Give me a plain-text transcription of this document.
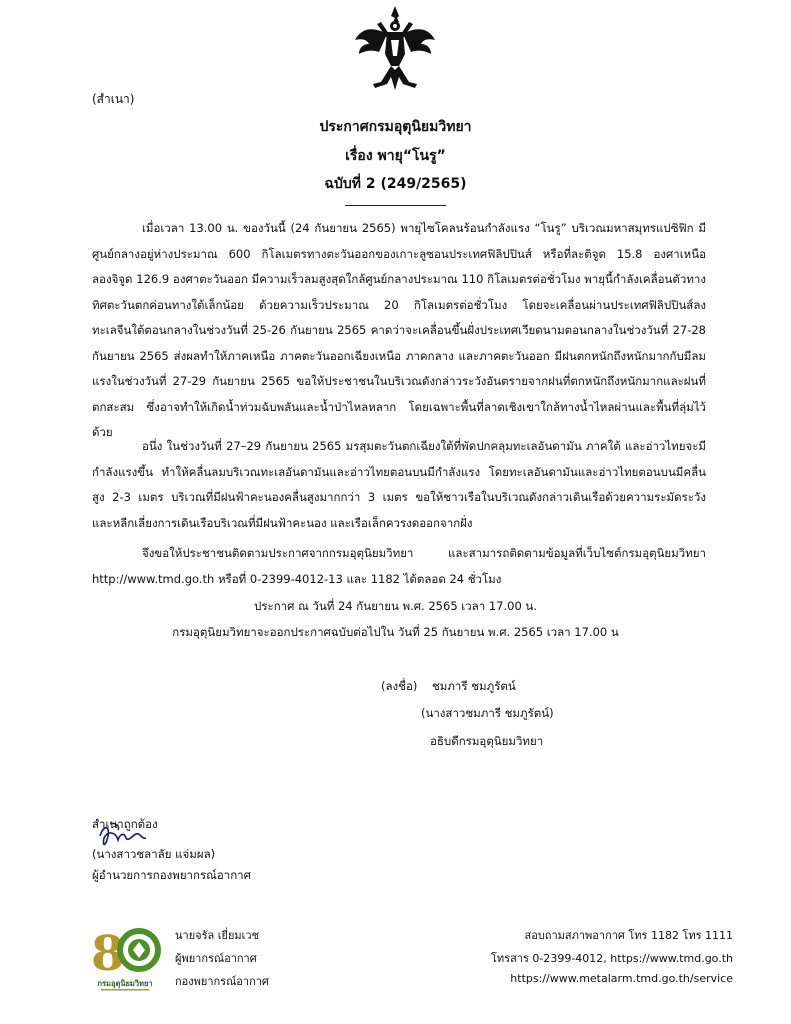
(สำเนา)
ประกาศกรมอุตุนิยมวิทยา
เรื่อง พายุ“โนรู”
ฉบับที่ 2 (249/2565)

เมื่อเวลา 13.00 น. ของวันนี้ (24 กันยายน 2565) พายุไซโคลนร้อนกำลังแรง “โนรู” บริเวณมหาสมุทรแปซิฟิก มีศูนย์กลางอยู่ห่างประมาณ 600 กิโลเมตรทางตะวันออกของเกาะลูซอนประเทศฟิลิปปินส์ หรือที่ละติจูด 15.8 องศาเหนือ ลองจิจูด 126.9 องศาตะวันออก มีความเร็วลมสูงสุดใกล้ศูนย์กลางประมาณ 110 กิโลเมตรต่อชั่วโมง พายุนี้กำลังเคลื่อนตัวทางทิศตะวันตกค่อนทางใต้เล็กน้อย ด้วยความเร็วประมาณ 20 กิโลเมตรต่อชั่วโมง โดยจะเคลื่อนผ่านประเทศฟิลิปปินส์ลงทะเลจีนใต้ตอนกลางในช่วงวันที่ 25-26 กันยายน 2565 คาดว่าจะเคลื่อนขึ้นฝั่งประเทศเวียดนามตอนกลางในช่วงวันที่ 27-28 กันยายน 2565 ส่งผลทำให้ภาคเหนือ ภาคตะวันออกเฉียงเหนือ ภาคกลาง และภาคตะวันออก มีฝนตกหนักถึงหนักมากกับมีลมแรงในช่วงวันที่ 27-29 กันยายน 2565 ขอให้ประชาชนในบริเวณดังกล่าวระวังอันตรายจากฝนที่ตกหนักถึงหนักมากและฝนที่ตกสะสม ซึ่งอาจทำให้เกิดน้ำท่วมฉับพลันและน้ำป่าไหลหลาก โดยเฉพาะพื้นที่ลาดเชิงเขาใกล้ทางน้ำไหลผ่านและพื้นที่ลุ่มไว้ด้วย

อนึ่ง ในช่วงวันที่ 27–29 กันยายน 2565 มรสุมตะวันตกเฉียงใต้ที่พัดปกคลุมทะเลอันดามัน ภาคใต้ และอ่าวไทยจะมีกำลังแรงขึ้น ทำให้คลื่นลมบริเวณทะเลอันดามันและอ่าวไทยตอนบนมีกำลังแรง โดยทะเลอันดามันและอ่าวไทยตอนบนมีคลื่นสูง 2-3 เมตร บริเวณที่มีฝนฟ้าคะนองคลื่นสูงมากกว่า 3 เมตร ขอให้ชาวเรือในบริเวณดังกล่าวเดินเรือด้วยความระมัดระวัง และหลีกเลี่ยงการเดินเรือบริเวณที่มีฝนฟ้าคะนอง และเรือเล็กควรงดออกจากฝั่ง

จึงขอให้ประชาชนติดตามประกาศจากกรมอุตุนิยมวิทยา และสามารถติดตามข้อมูลที่เว็บไซต์กรมอุตุนิยมวิทยา http://www.tmd.go.th หรือที่ 0-2399-4012-13 และ 1182 ได้ตลอด 24 ชั่วโมง

ประกาศ ณ วันที่ 24 กันยายน พ.ศ. 2565 เวลา 17.00 น.
กรมอุตุนิยมวิทยาจะออกประกาศฉบับต่อไปใน วันที่ 25 กันยายน พ.ศ. 2565 เวลา 17.00 น
(ลงชื่อ)    ชมภารี ชมภูรัตน์
(นางสาวชมภารี ชมภูรัตน์)
อธิบดีกรมอุตุนิยมวิทยา
สำเนาถูกต้อง
(นางสาวชลาลัย แจ่มผล)
ผู้อำนวยการกองพยากรณ์อากาศ
8
กรมอุตุนิยมวิทยา
นายจรัล เยี่ยมเวช
ผู้พยากรณ์อากาศ
กองพยากรณ์อากาศ
สอบถามสภาพอากาศ โทร 1182 โทร 1111
โทรสาร 0-2399-4012, https://www.tmd.go.th
https://www.metalarm.tmd.go.th/service
